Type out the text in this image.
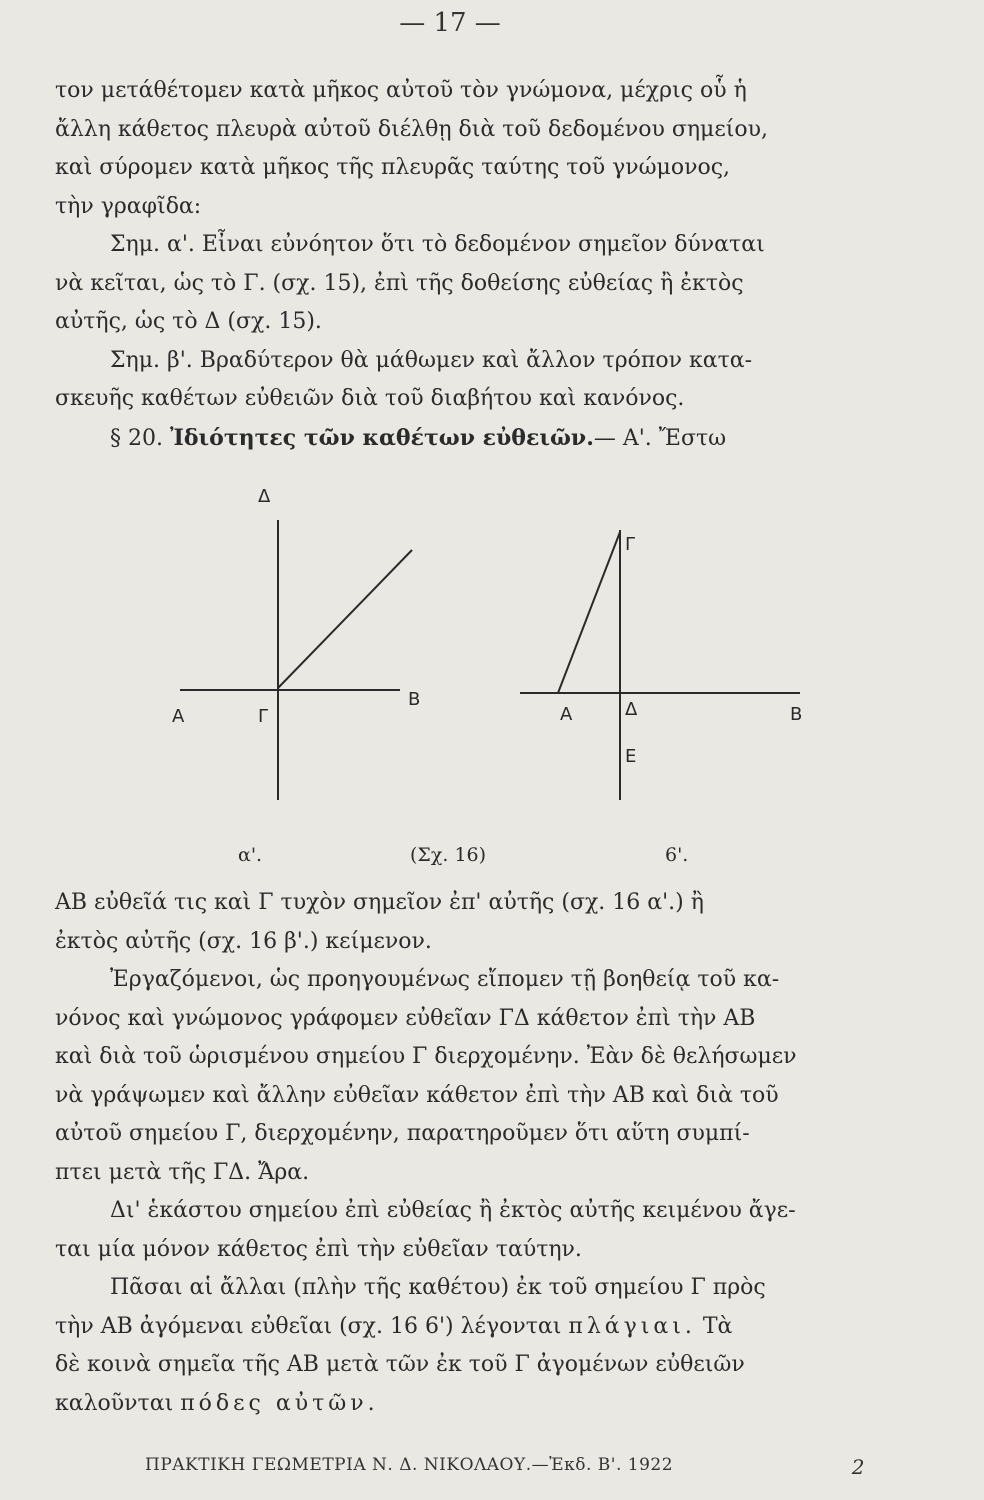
— 17 —
τον μετάθέτομεν κατὰ μῆκος αὐτοῦ τὸν γνώμονα, μέχρις οὗ ἡ
ἄλλη κάθετος πλευρὰ αὐτοῦ διέλθῃ διὰ τοῦ δεδομένου σημείου,
καὶ σύρομεν κατὰ μῆκος τῆς πλευρᾶς ταύτης τοῦ γνώμονος,
τὴν γραφῖδα:
Σημ. α'. Εἶναι εὐνόητον ὅτι τὸ δεδομένον σημεῖον δύναται
νὰ κεῖται, ὡς τὸ Γ. (σχ. 15), ἐπὶ τῆς δοθείσης εὐθείας ἢ ἐκτὸς
αὐτῆς, ὡς τὸ Δ (σχ. 15).
Σημ. β'. Βραδύτερον θὰ μάθωμεν καὶ ἄλλον τρόπον κατα-
σκευῆς καθέτων εὐθειῶν διὰ τοῦ διαβήτου καὶ κανόνος.
§ 20. Ἰδιότητες τῶν καθέτων εὐθειῶν.— Α'. Ἔστω
Δ
Α	Γ
Β
Γ
Α	Δ	Β
Ε
α'.	(Σχ. 16)	6'.
ΑΒ εὐθεῖά τις καὶ Γ τυχὸν σημεῖον ἐπ' αὐτῆς (σχ. 16 α'.) ἢ
ἐκτὸς αὐτῆς (σχ. 16 β'.) κείμενον.
Ἐργαζόμενοι, ὡς προηγουμένως εἴπομεν τῇ βοηθείᾳ τοῦ κα-
νόνος καὶ γνώμονος γράφομεν εὐθεῖαν ΓΔ κάθετον ἐπὶ τὴν ΑΒ
καὶ διὰ τοῦ ὡρισμένου σημείου Γ διερχομένην. Ἐὰν δὲ θελήσωμεν
νὰ γράψωμεν καὶ ἄλλην εὐθεῖαν κάθετον ἐπὶ τὴν ΑΒ καὶ διὰ τοῦ
αὐτοῦ σημείου Γ, διερχομένην, παρατηροῦμεν ὅτι αὕτη συμπί-
πτει μετὰ τῆς ΓΔ. Ἄρα.
Δι' ἑκάστου σημείου ἐπὶ εὐθείας ἢ ἐκτὸς αὐτῆς κειμένου ἄγε-
ται μία μόνον κάθετος ἐπὶ τὴν εὐθεῖαν ταύτην.
Πᾶσαι αἱ ἄλλαι (πλὴν τῆς καθέτου) ἐκ τοῦ σημείου Γ πρὸς
τὴν ΑΒ ἀγόμεναι εὐθεῖαι (σχ. 16 6') λέγονται πλάγιαι. Τὰ
δὲ κοινὰ σημεῖα τῆς ΑΒ μετὰ τῶν ἐκ τοῦ Γ ἀγομένων εὐθειῶν
καλοῦνται πόδες αὐτῶν.
ΠΡΑΚΤΙΚΗ ΓΕΩΜΕΤΡΙΑ Ν. Δ. ΝΙΚΟΛΑΟΥ.—Ἐκδ. Β'. 1922	2
